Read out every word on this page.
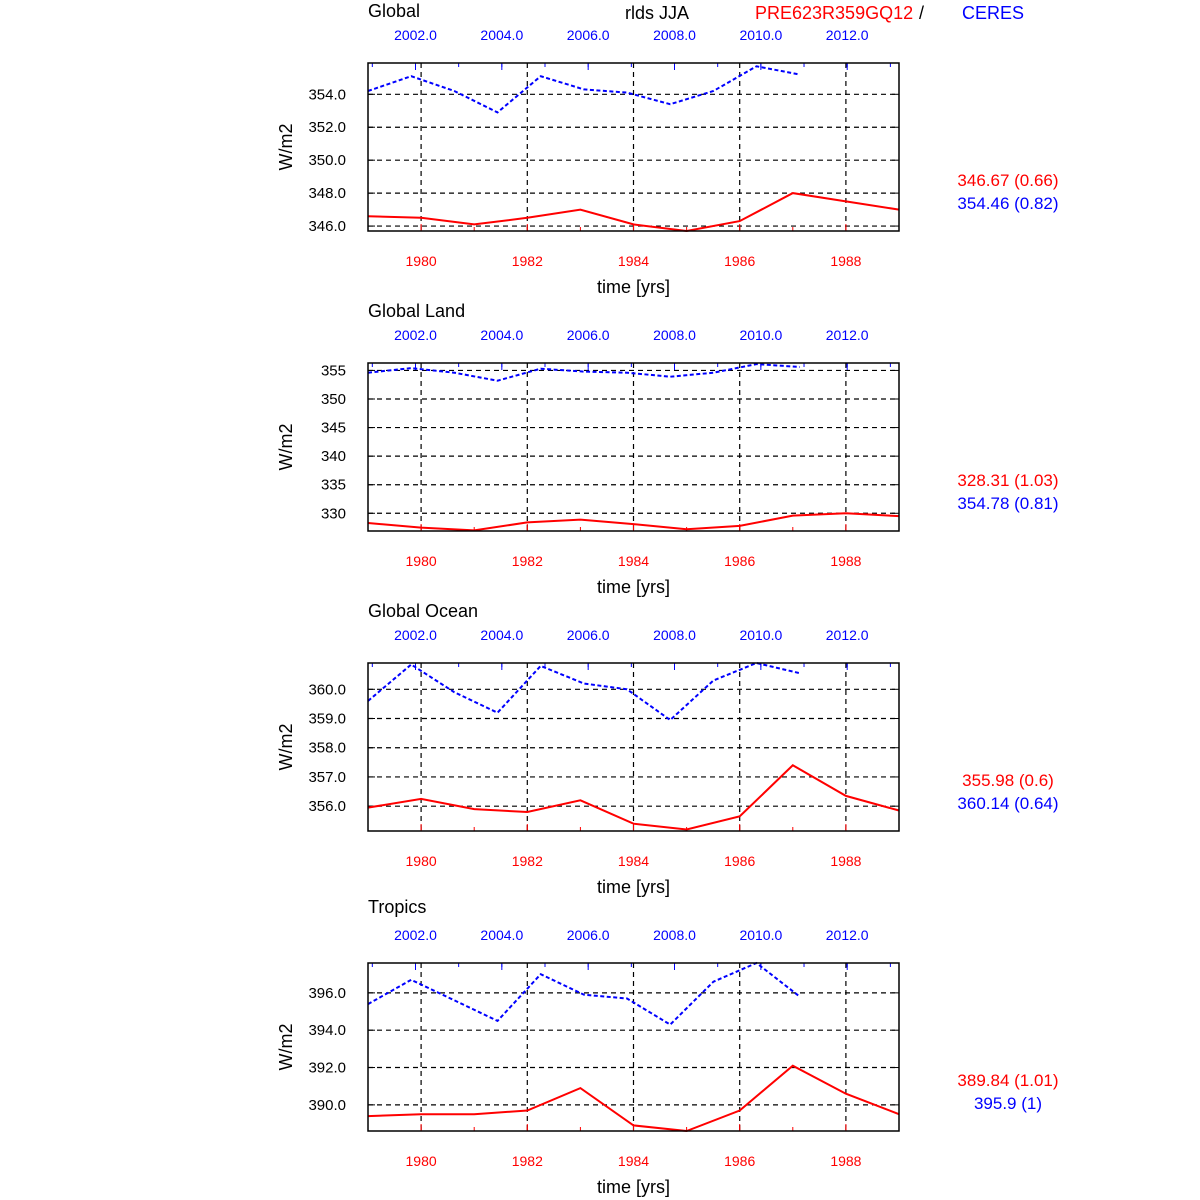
rlds JJA	PRE623R359GQ12 / CERES
Global
346.0
348.0
350.0
352.0
354.0
1980	1982	1984	1986	1988
2002.0	2004.0	2006.0	2008.0	2010.0	2012.0
W/m2
time [yrs]
346.67 (0.66)
354.46 (0.82)
Global Land
330
335
340
345
350
355
1980	1982	1984	1986	1988
2002.0	2004.0	2006.0	2008.0	2010.0	2012.0
W/m2
time [yrs]
328.31 (1.03)
354.78 (0.81)
Global Ocean
356.0
357.0
358.0
359.0
360.0
1980	1982	1984	1986	1988
2002.0	2004.0	2006.0	2008.0	2010.0	2012.0
W/m2
time [yrs]
355.98 (0.6)
360.14 (0.64)
Tropics
390.0
392.0
394.0
396.0
1980	1982	1984	1986	1988
2002.0	2004.0	2006.0	2008.0	2010.0	2012.0
W/m2
time [yrs]
389.84 (1.01)
395.9 (1)
